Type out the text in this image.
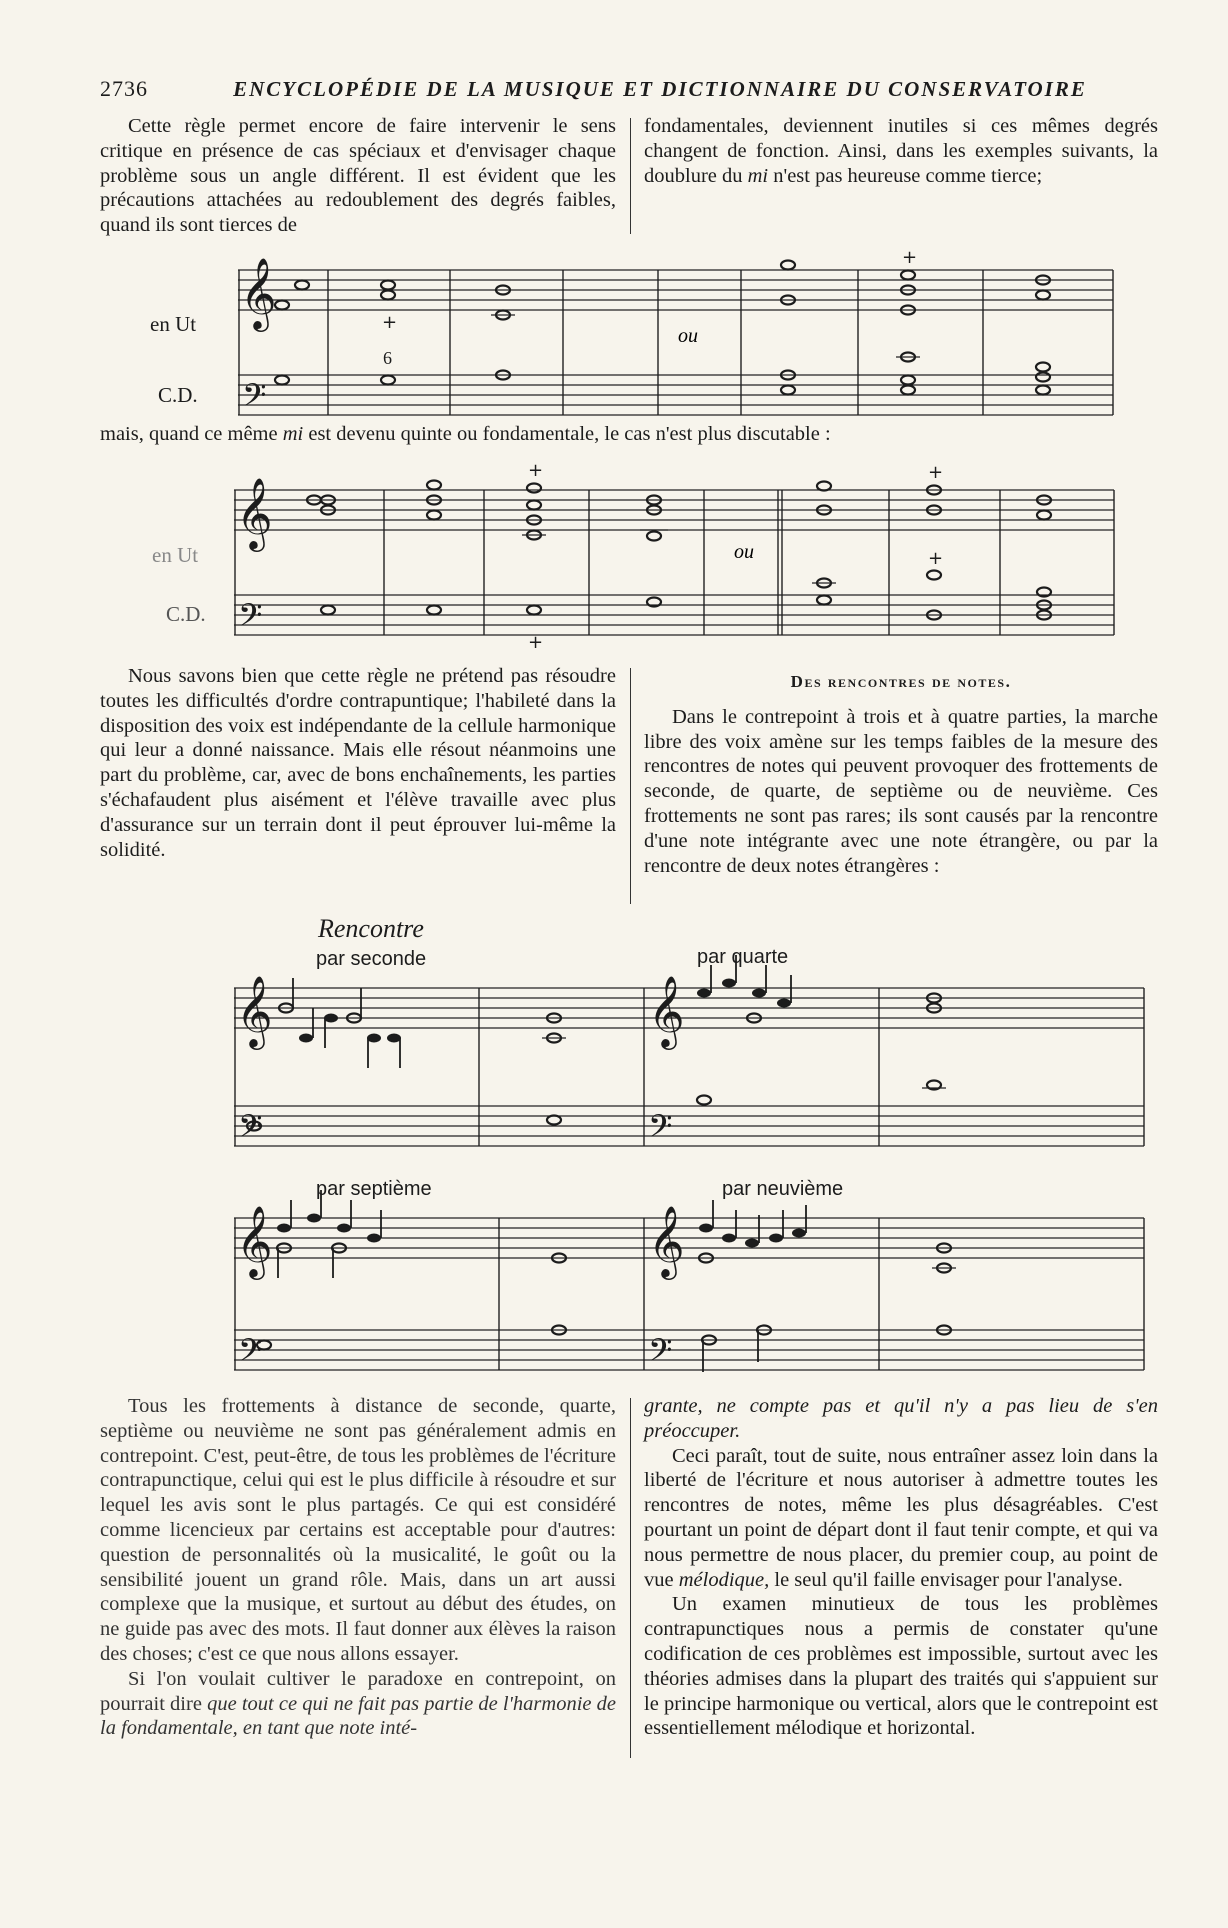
2736	ENCYCLOPÉDIE DE LA MUSIQUE ET DICTIONNAIRE DU CONSERVATOIRE

Cette règle permet encore de faire intervenir le sens critique en présence de cas spéciaux et d'envisager chaque problème sous un angle différent. Il est évident que les précautions attachées au redoublement des degrés faibles, quand ils sont tierces de

fondamentales, deviennent inutiles si ces mêmes degrés changent de fonction. Ainsi, dans les exemples suivants, la doublure du mi n'est pas heureuse comme tierce;

en Ut
C.D.
𝄞
𝄢
+
6
ou
+

mais, quand ce même mi est devenu quinte ou fondamentale, le cas n'est plus discutable :

en Ut
C.D.
𝄞
𝄢
+
+
ou
+
+

Nous savons bien que cette règle ne prétend pas résoudre toutes les difficultés d'ordre contrapuntique; l'habileté dans la disposition des voix est indépendante de la cellule harmonique qui leur a donné naissance. Mais elle résout néanmoins une part du problème, car, avec de bons enchaînements, les parties s'échafaudent plus aisément et l'élève travaille avec plus d'assurance sur un terrain dont il peut éprouver lui-même la solidité.

Des rencontres de notes.

Dans le contrepoint à trois et à quatre parties, la marche libre des voix amène sur les temps faibles de la mesure des rencontres de notes qui peuvent provoquer des frottements de seconde, de quarte, de septième ou de neuvième. Ces frottements ne sont pas rares; ils sont causés par la rencontre d'une note intégrante avec une note étrangère, ou par la rencontre de deux notes étrangères :

Rencontre
par seconde	par quarte
𝄞
𝄢
𝄞
𝄢
par septième	par neuvième
𝄞
𝄢
𝄞
𝄢

Tous les frottements à distance de seconde, quarte, septième ou neuvième ne sont pas généralement admis en contrepoint. C'est, peut-être, de tous les problèmes de l'écriture contrapunctique, celui qui est le plus difficile à résoudre et sur lequel les avis sont le plus partagés. Ce qui est considéré comme licencieux par certains est acceptable pour d'autres: question de personnalités où la musicalité, le goût ou la sensibilité jouent un grand rôle. Mais, dans un art aussi complexe que la musique, et surtout au début des études, on ne guide pas avec des mots. Il faut donner aux élèves la raison des choses; c'est ce que nous allons essayer.

Si l'on voulait cultiver le paradoxe en contrepoint, on pourrait dire que tout ce qui ne fait pas partie de l'harmonie de la fondamentale, en tant que note inté-

grante, ne compte pas et qu'il n'y a pas lieu de s'en préoccuper.

Ceci paraît, tout de suite, nous entraîner assez loin dans la liberté de l'écriture et nous autoriser à admettre toutes les rencontres de notes, même les plus désagréables. C'est pourtant un point de départ dont il faut tenir compte, et qui va nous permettre de nous placer, du premier coup, au point de vue mélodique, le seul qu'il faille envisager pour l'analyse.

Un examen minutieux de tous les problèmes contrapunctiques nous a permis de constater qu'une codification de ces problèmes est impossible, surtout avec les théories admises dans la plupart des traités qui s'appuient sur le principe harmonique ou vertical, alors que le contrepoint est essentiellement mélodique et horizontal.
